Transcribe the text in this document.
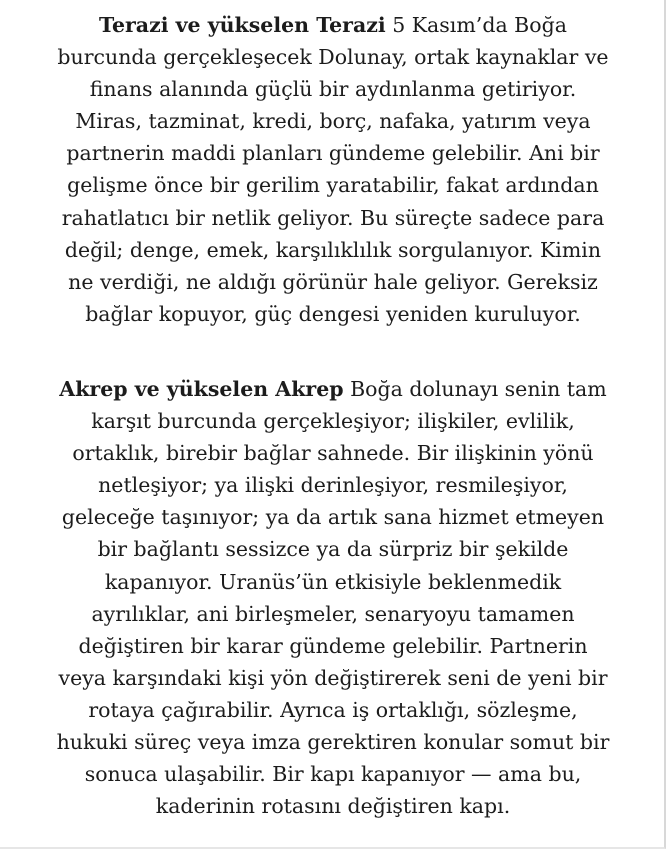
Terazi ve yükselen Terazi 5 Kasım’da Boğa
burcunda gerçekleşecek Dolunay, ortak kaynaklar ve
finans alanında güçlü bir aydınlanma getiriyor.
Miras, tazminat, kredi, borç, nafaka, yatırım veya
partnerin maddi planları gündeme gelebilir. Ani bir
gelişme önce bir gerilim yaratabilir, fakat ardından
rahatlatıcı bir netlik geliyor. Bu süreçte sadece para
değil; denge, emek, karşılıklılık sorgulanıyor. Kimin
ne verdiği, ne aldığı görünür hale geliyor. Gereksiz
bağlar kopuyor, güç dengesi yeniden kuruluyor.

Akrep ve yükselen Akrep Boğa dolunayı senin tam
karşıt burcunda gerçekleşiyor; ilişkiler, evlilik,
ortaklık, birebir bağlar sahnede. Bir ilişkinin yönü
netleşiyor; ya ilişki derinleşiyor, resmileşiyor,
geleceğe taşınıyor; ya da artık sana hizmet etmeyen
bir bağlantı sessizce ya da sürpriz bir şekilde
kapanıyor. Uranüs’ün etkisiyle beklenmedik
ayrılıklar, ani birleşmeler, senaryoyu tamamen
değiştiren bir karar gündeme gelebilir. Partnerin
veya karşındaki kişi yön değiştirerek seni de yeni bir
rotaya çağırabilir. Ayrıca iş ortaklığı, sözleşme,
hukuki süreç veya imza gerektiren konular somut bir
sonuca ulaşabilir. Bir kapı kapanıyor — ama bu,
kaderinin rotasını değiştiren kapı.
